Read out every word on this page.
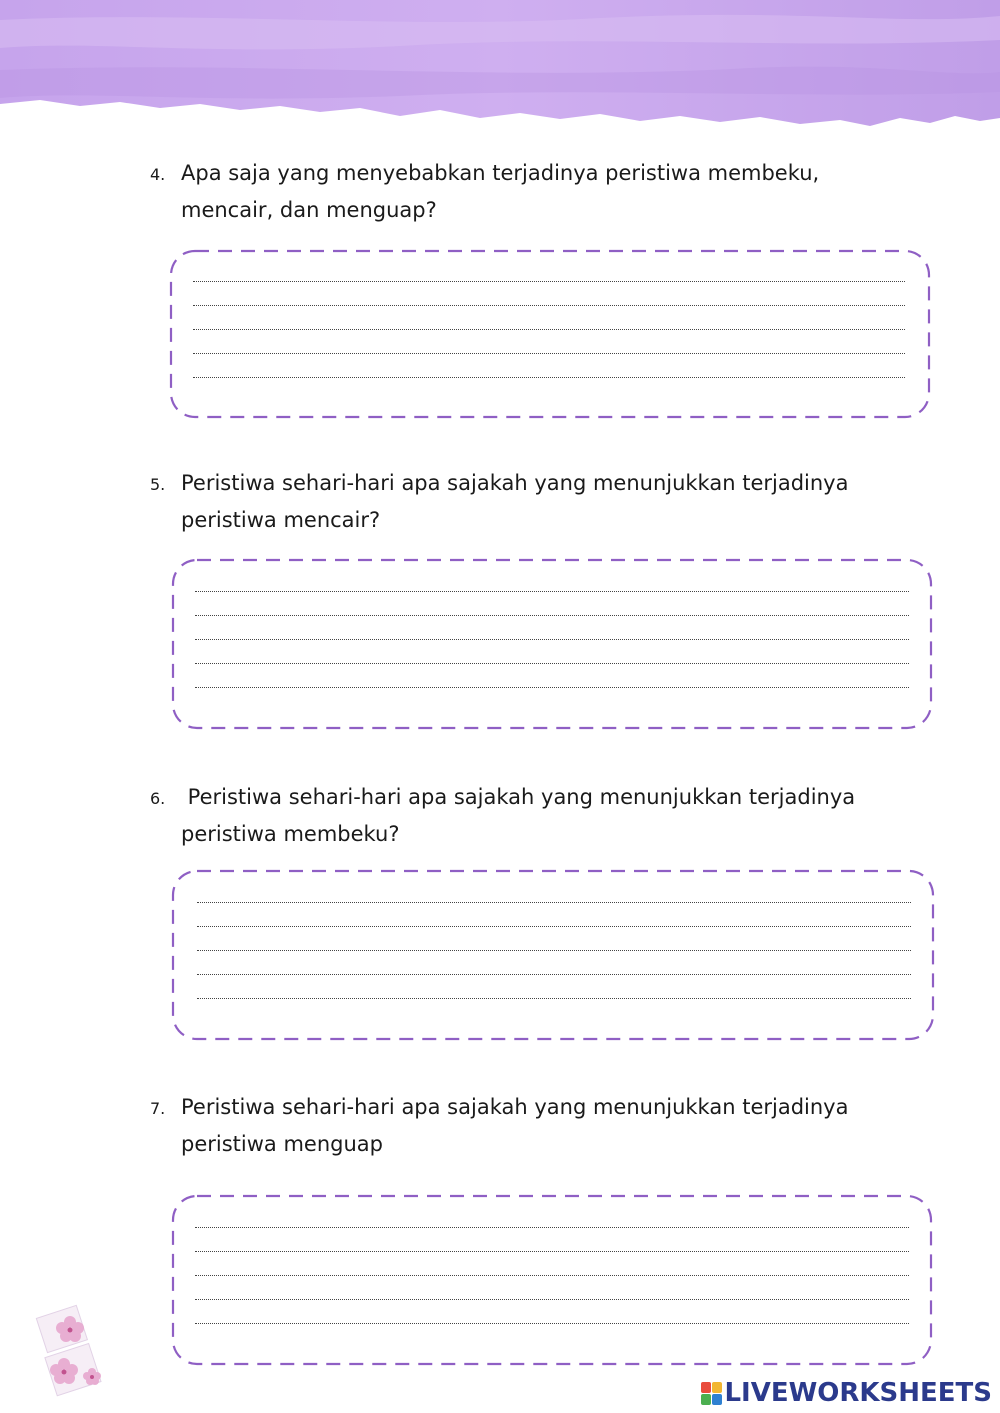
4. Apa saja yang menyebabkan terjadinya peristiwa membeku,
mencair, dan menguap?
5. Peristiwa sehari-hari apa sajakah yang menunjukkan terjadinya
peristiwa mencair?
6. Peristiwa sehari-hari apa sajakah yang menunjukkan terjadinya
peristiwa membeku?
7. Peristiwa sehari-hari apa sajakah yang menunjukkan terjadinya
peristiwa menguap
LIVEWORKSHEETS
